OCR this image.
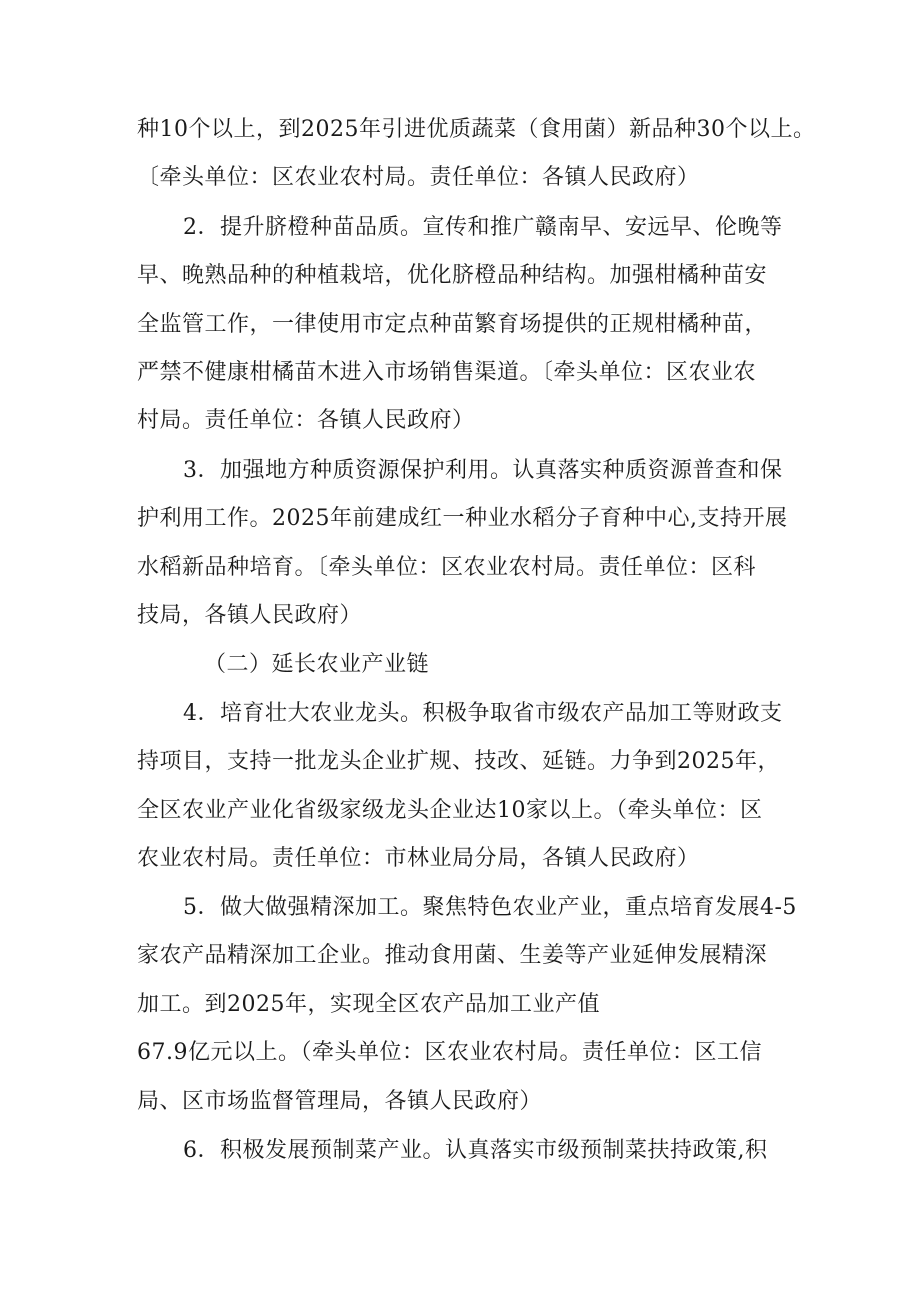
种10个以上，到2025年引进优质蔬菜（食用菌）新品种30个以上。
〔牵头单位：区农业农村局。责任单位：各镇人民政府）
2．提升脐橙种苗品质。宣传和推广赣南早、安远早、伦晚等
早、晚熟品种的种植栽培，优化脐橙品种结构。加强柑橘种苗安
全监管工作，一律使用市定点种苗繁育场提供的正规柑橘种苗，
严禁不健康柑橘苗木进入市场销售渠道。〔牵头单位：区农业农
村局。责任单位：各镇人民政府）
3．加强地方种质资源保护利用。认真落实种质资源普查和保
护利用工作。2025年前建成红一种业水稻分子育种中心,支持开展
水稻新品种培育。〔牵头单位：区农业农村局。责任单位：区科
技局，各镇人民政府）
（二）延长农业产业链
4．培育壮大农业龙头。积极争取省市级农产品加工等财政支
持项目，支持一批龙头企业扩规、技改、延链。力争到2025年，
全区农业产业化省级家级龙头企业达10家以上。（牵头单位：区
农业农村局。责任单位：市林业局分局，各镇人民政府）
5．做大做强精深加工。聚焦特色农业产业，重点培育发展4-5
家农产品精深加工企业。推动食用菌、生姜等产业延伸发展精深
加工。到2025年，实现全区农产品加工业产值
67.9亿元以上。（牵头单位：区农业农村局。责任单位：区工信
局、区市场监督管理局，各镇人民政府）
6．积极发展预制菜产业。认真落实市级预制菜扶持政策,积
